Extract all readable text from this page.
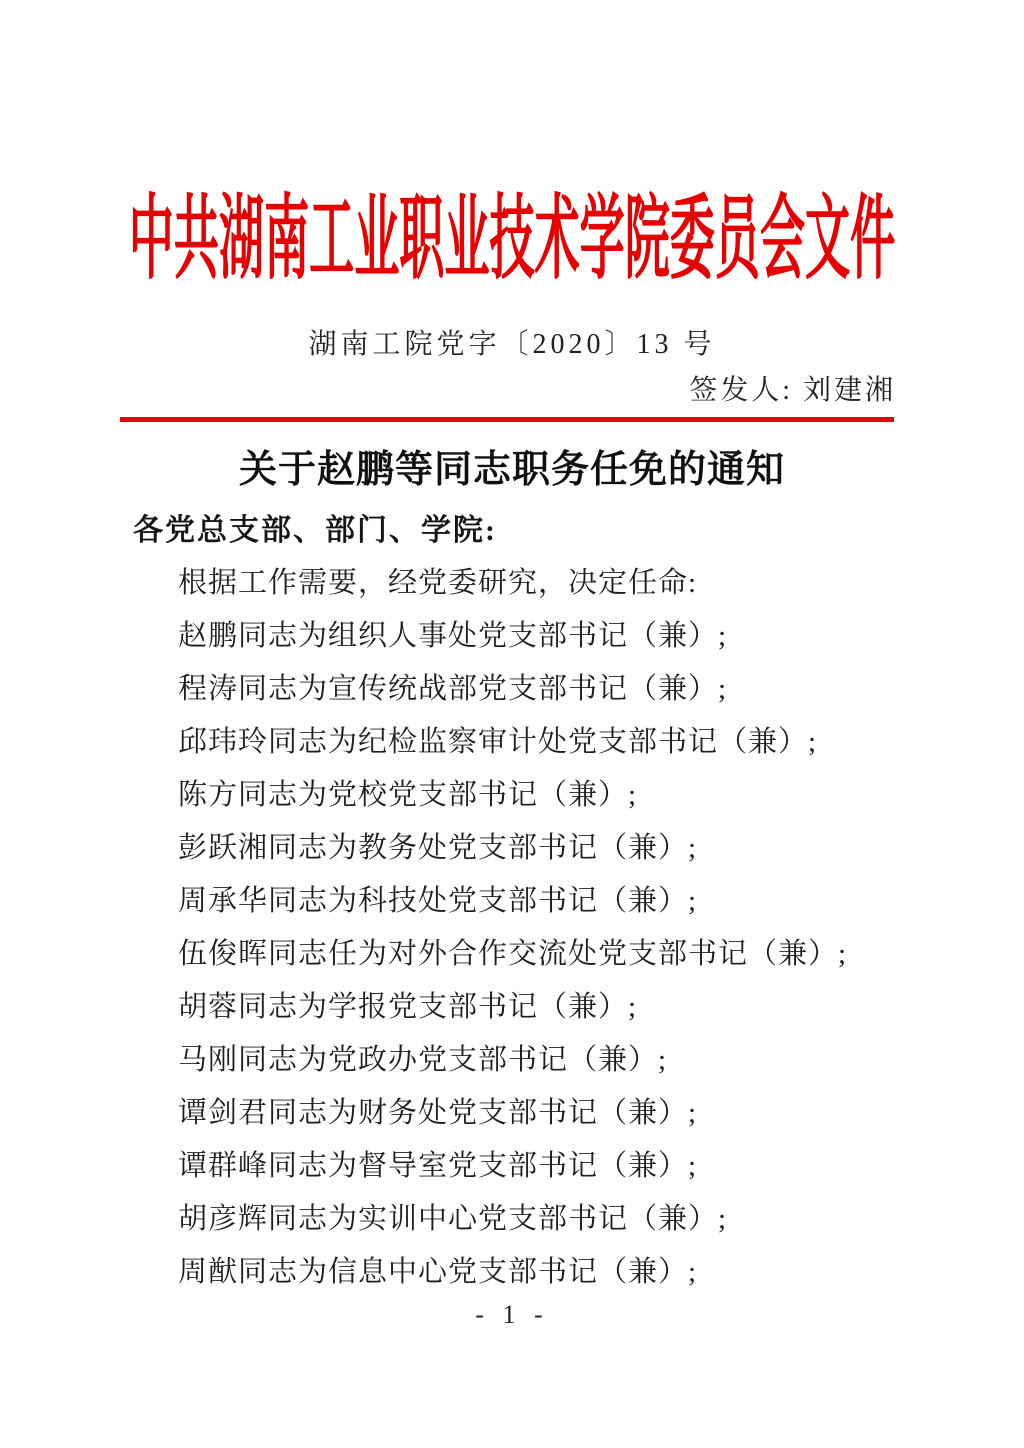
中共湖南工业职业技术学院委员会文件
湖南工院党字〔2020〕13 号
签发人: 刘建湘
关于赵鹏等同志职务任免的通知

各党总支部、部门、学院:

根据工作需要，经党委研究，决定任命:

赵鹏同志为组织人事处党支部书记（兼）;

程涛同志为宣传统战部党支部书记（兼）;

邱玮玲同志为纪检监察审计处党支部书记（兼）;

陈方同志为党校党支部书记（兼）;

彭跃湘同志为教务处党支部书记（兼）;

周承华同志为科技处党支部书记（兼）;

伍俊晖同志任为对外合作交流处党支部书记（兼）;

胡蓉同志为学报党支部书记（兼）;

马刚同志为党政办党支部书记（兼）;

谭剑君同志为财务处党支部书记（兼）;

谭群峰同志为督导室党支部书记（兼）;

胡彦辉同志为实训中心党支部书记（兼）;

周猷同志为信息中心党支部书记（兼）;

- 1 -
